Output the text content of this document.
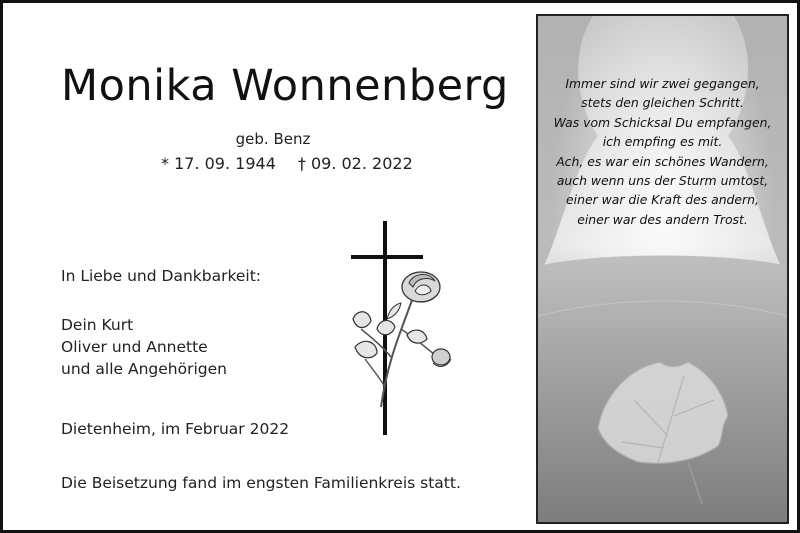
Monika Wonnenberg
geb. Benz
* 17. 09. 1944 † 09. 02. 2022
In Liebe und Dankbarkeit:
Dein Kurt
Oliver und Annette
und alle Angehörigen
Dietenheim, im Februar 2022
Die Beisetzung fand im engsten Familienkreis statt.
Immer sind wir zwei gegangen,
stets den gleichen Schritt.
Was vom Schicksal Du empfangen,
ich empfing es mit.
Ach, es war ein schönes Wandern,
auch wenn uns der Sturm umtost,
einer war die Kraft des andern,
einer war des andern Trost.
